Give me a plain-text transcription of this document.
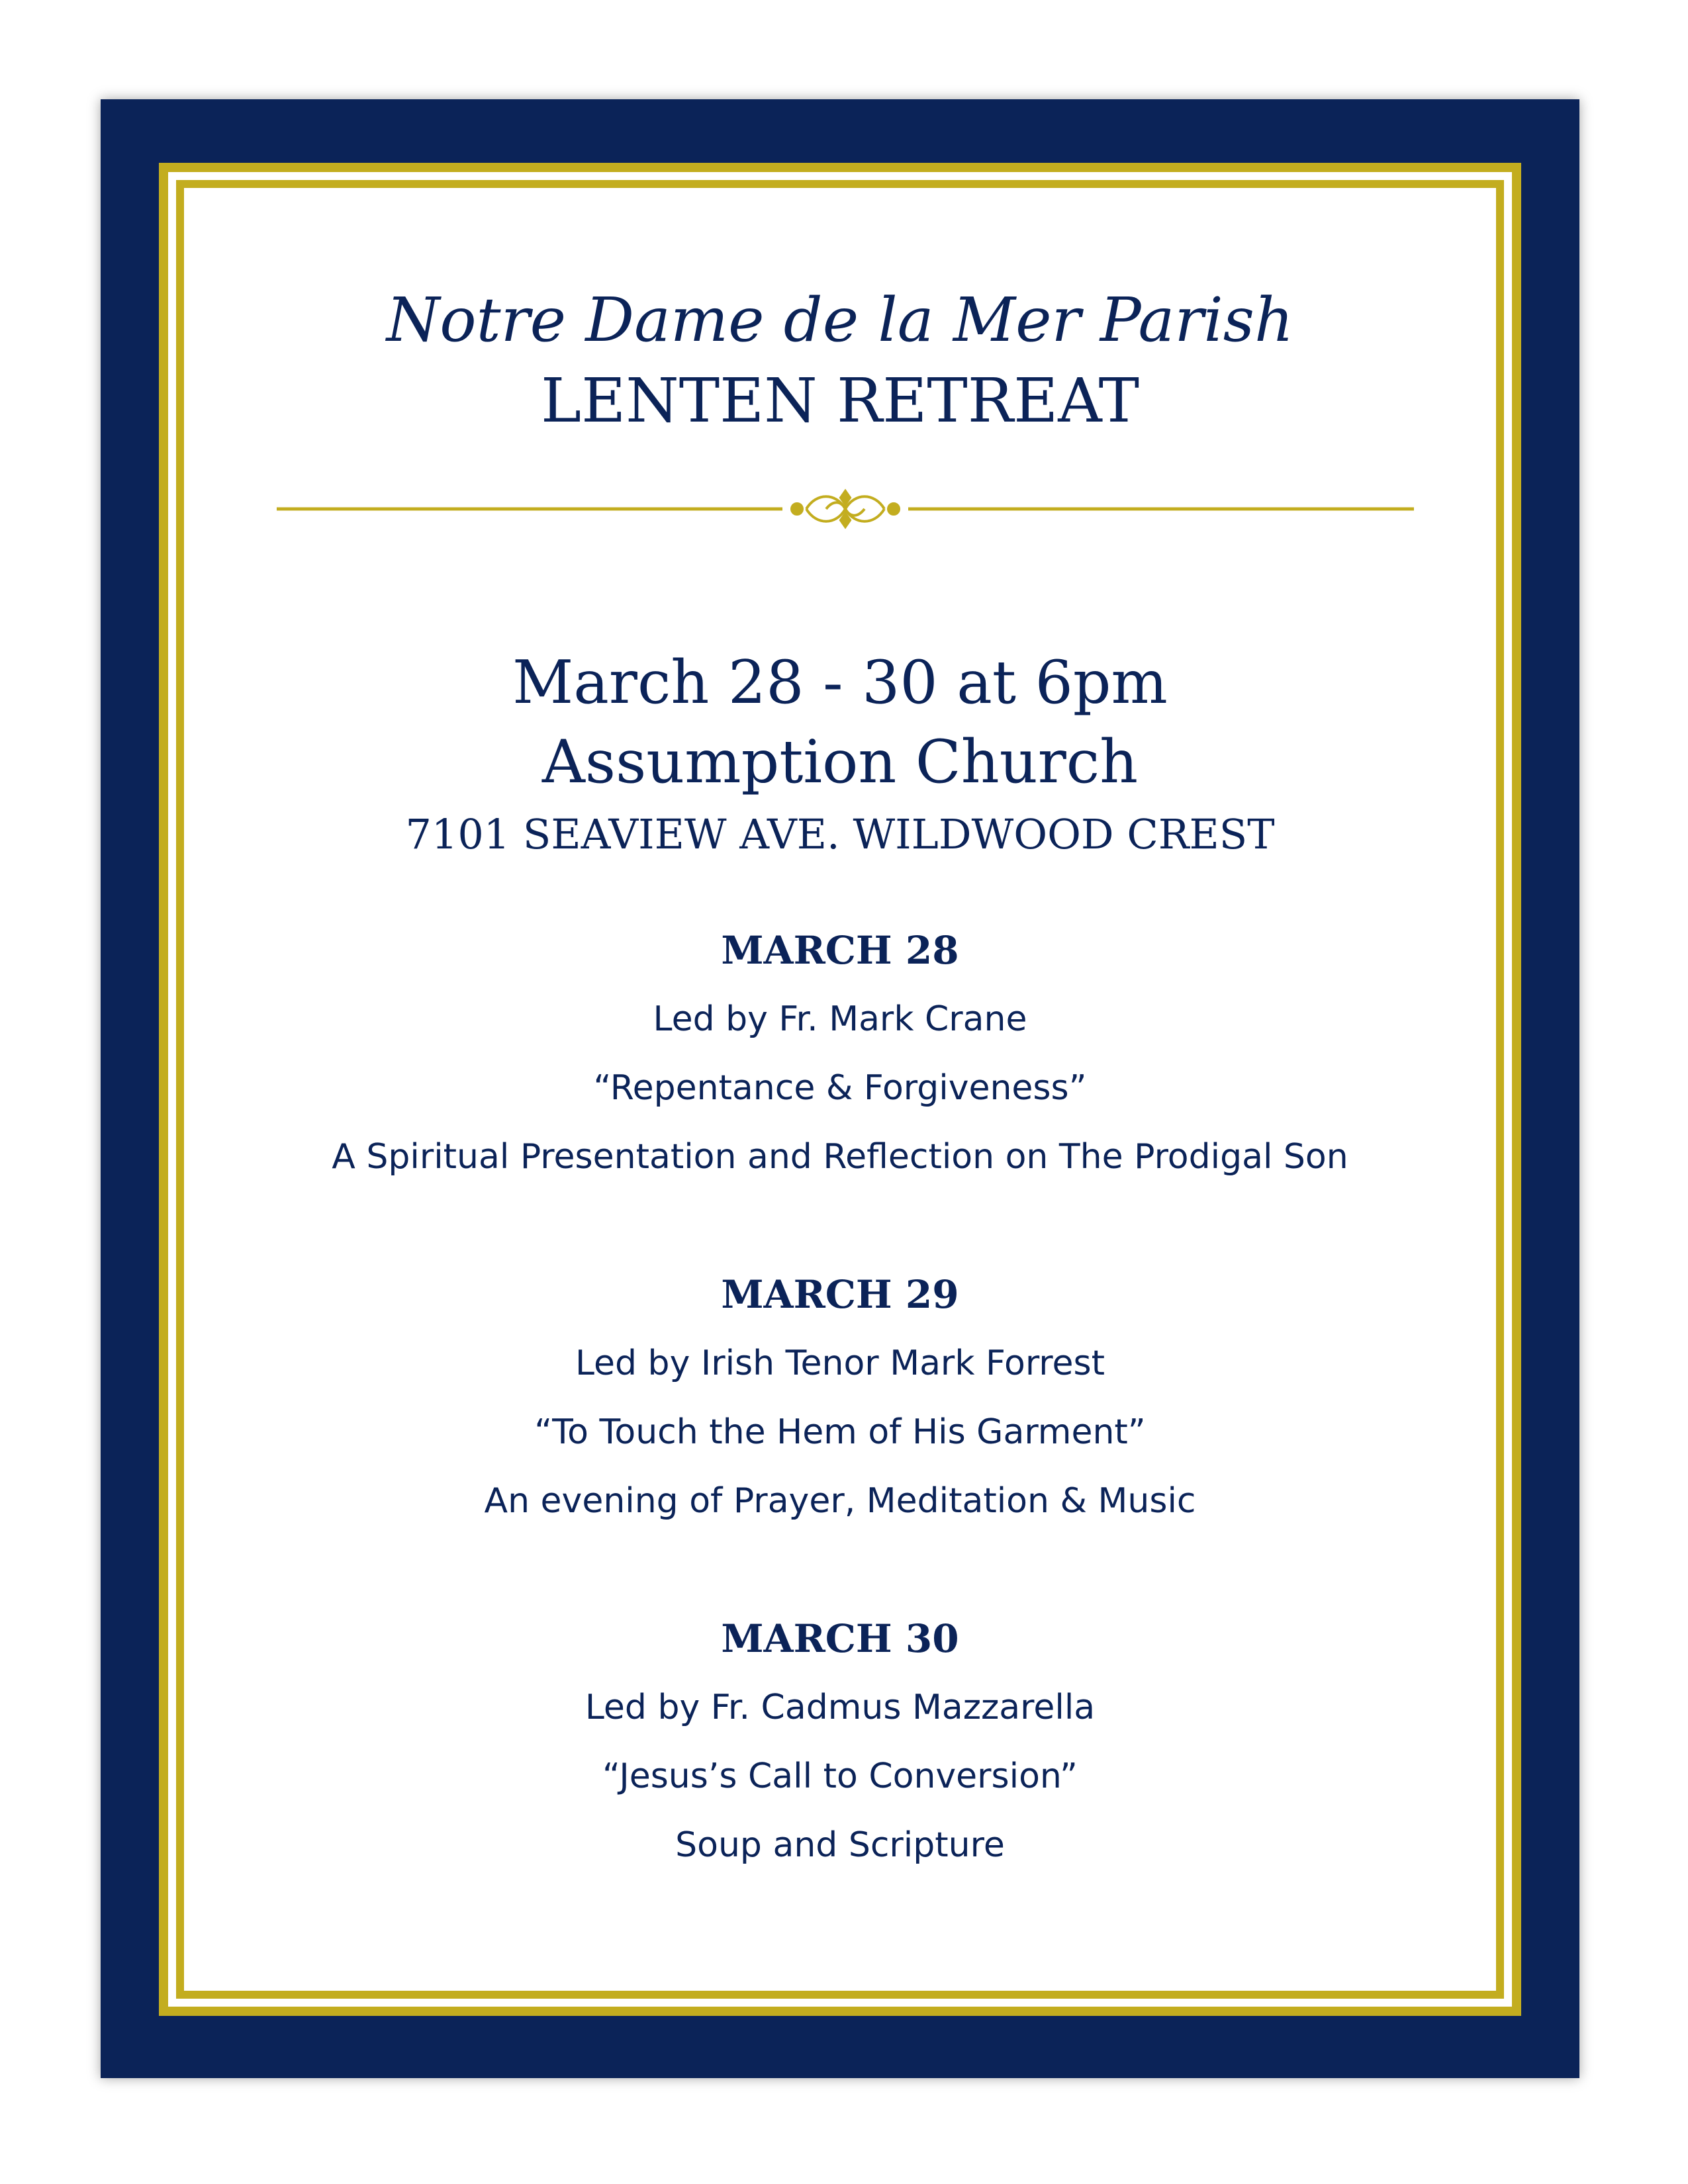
Notre Dame de la Mer Parish

LENTEN RETREAT

March 28 - 30 at 6pm

Assumption Church

7101 SEAVIEW AVE. WILDWOOD CREST

MARCH 28

Led by Fr. Mark Crane

“Repentance & Forgiveness”

A Spiritual Presentation and Reflection on The Prodigal Son

MARCH 29

Led by Irish Tenor Mark Forrest

“To Touch the Hem of His Garment”

An evening of Prayer, Meditation & Music

MARCH 30

Led by Fr. Cadmus Mazzarella

“Jesus’s Call to Conversion”

Soup and Scripture
